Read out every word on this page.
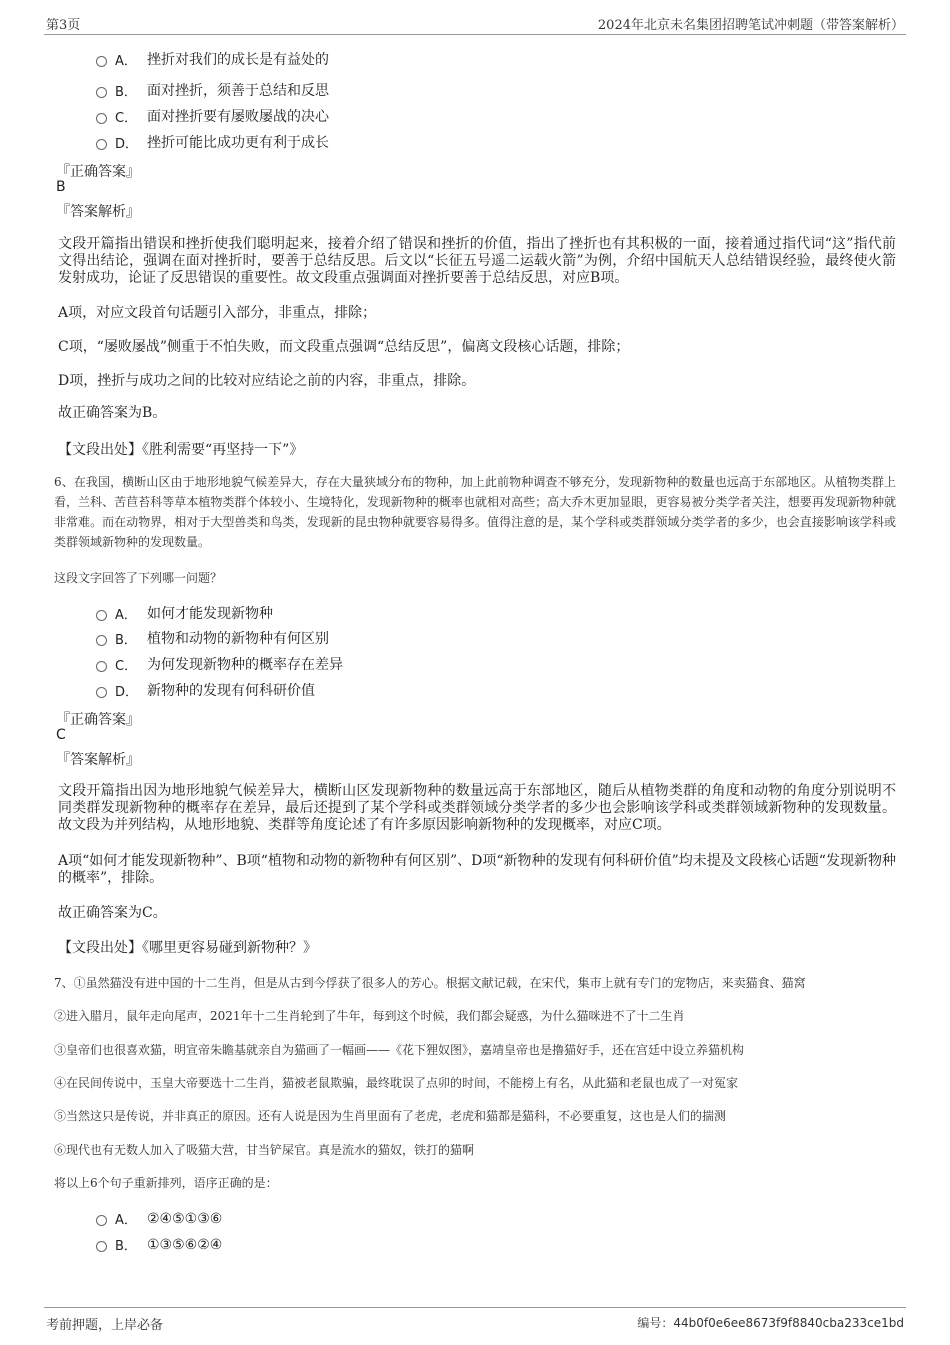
第3页	2024年北京未名集团招聘笔试冲刺题（带答案解析）
A． 挫折对我们的成长是有益处的
B． 面对挫折，须善于总结和反思
C． 面对挫折要有屡败屡战的决心
D． 挫折可能比成功更有利于成长
『正确答案』
B
『答案解析』
文段开篇指出错误和挫折使我们聪明起来，接着介绍了错误和挫折的价值，指出了挫折也有其积极的一面，接着通过指代词“这”指代前文得出结论，强调在面对挫折时，要善于总结反思。后文以“长征五号遥二运载火箭”为例，介绍中国航天人总结错误经验，最终使火箭发射成功，论证了反思错误的重要性。故文段重点强调面对挫折要善于总结反思，对应B项。
A项，对应文段首句话题引入部分，非重点，排除；
C项，“屡败屡战”侧重于不怕失败，而文段重点强调“总结反思”，偏离文段核心话题，排除；
D项，挫折与成功之间的比较对应结论之前的内容，非重点，排除。
故正确答案为B。
【文段出处】《胜利需要“再坚持一下”》
6、在我国，横断山区由于地形地貌气候差异大，存在大量狭域分布的物种，加上此前物种调查不够充分，发现新物种的数量也远高于东部地区。从植物类群上看，兰科、苦苣苔科等草本植物类群个体较小、生境特化，发现新物种的概率也就相对高些；高大乔木更加显眼，更容易被分类学者关注，想要再发现新物种就非常难。而在动物界，相对于大型兽类和鸟类，发现新的昆虫物种就要容易得多。值得注意的是，某个学科或类群领域分类学者的多少，也会直接影响该学科或类群领域新物种的发现数量。
这段文字回答了下列哪一问题？
A． 如何才能发现新物种
B． 植物和动物的新物种有何区别
C． 为何发现新物种的概率存在差异
D． 新物种的发现有何科研价值
『正确答案』
C
『答案解析』
文段开篇指出因为地形地貌气候差异大，横断山区发现新物种的数量远高于东部地区，随后从植物类群的角度和动物的角度分别说明不同类群发现新物种的概率存在差异，最后还提到了某个学科或类群领域分类学者的多少也会影响该学科或类群领域新物种的发现数量。故文段为并列结构，从地形地貌、类群等角度论述了有许多原因影响新物种的发现概率，对应C项。
A项“如何才能发现新物种”、B项“植物和动物的新物种有何区别”、D项“新物种的发现有何科研价值”均未提及文段核心话题“发现新物种的概率”，排除。
故正确答案为C。
【文段出处】《哪里更容易碰到新物种？》
7、①虽然猫没有进中国的十二生肖，但是从古到今俘获了很多人的芳心。根据文献记载，在宋代，集市上就有专门的宠物店，来卖猫食、猫窝
②进入腊月，鼠年走向尾声，2021年十二生肖轮到了牛年，每到这个时候，我们都会疑惑，为什么猫咪进不了十二生肖
③皇帝们也很喜欢猫，明宣帝朱瞻基就亲自为猫画了一幅画——《花下狸奴图》，嘉靖皇帝也是撸猫好手，还在宫廷中设立养猫机构
④在民间传说中，玉皇大帝要选十二生肖，猫被老鼠欺骗，最终耽误了点卯的时间，不能榜上有名，从此猫和老鼠也成了一对冤家
⑤当然这只是传说，并非真正的原因。还有人说是因为生肖里面有了老虎，老虎和猫都是猫科，不必要重复，这也是人们的揣测
⑥现代也有无数人加入了吸猫大营，甘当铲屎官。真是流水的猫奴，铁打的猫啊
将以上6个句子重新排列，语序正确的是：
A． ②④⑤①③⑥
B． ①③⑤⑥②④
考前押题，上岸必备	编号：44b0f0e6ee8673f9f8840cba233ce1bd
